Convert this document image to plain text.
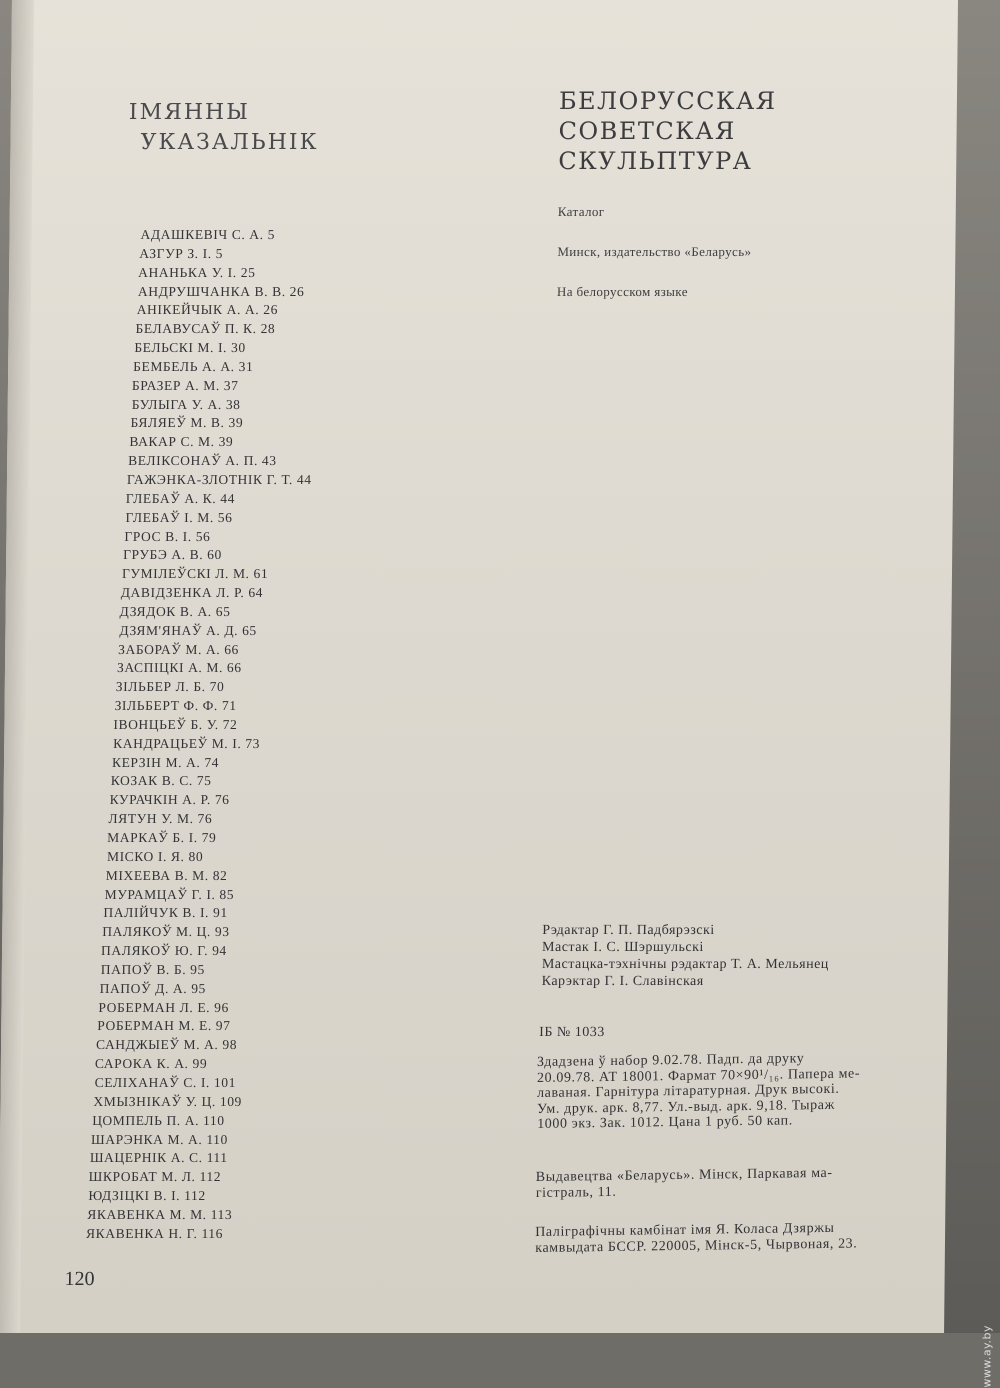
ІМЯННЫ
УКАЗАЛЬНІК
АДАШКЕВІЧ С. А. 5
АЗГУР З. І. 5
АНАНЬКА У. І. 25
АНДРУШЧАНКА В. В. 26
АНІКЕЙЧЫК А. А. 26
БЕЛАВУСАЎ П. К. 28
БЕЛЬСКІ М. І. 30
БЕМБЕЛЬ А. А. 31
БРАЗЕР А. М. 37
БУЛЫГА У. А. 38
БЯЛЯЕЎ М. В. 39
ВАКАР С. М. 39
ВЕЛІКСОНАЎ А. П. 43
ГАЖЭНКА-ЗЛОТНІК Г. Т. 44
ГЛЕБАЎ А. К. 44
ГЛЕБАЎ І. М. 56
ГРОС В. І. 56
ГРУБЭ А. В. 60
ГУМІЛЕЎСКІ Л. М. 61
ДАВІДЗЕНКА Л. Р. 64
ДЗЯДОК В. А. 65
ДЗЯМ'ЯНАЎ А. Д. 65
ЗАБОРАЎ М. А. 66
ЗАСПІЦКІ А. М. 66
ЗІЛЬБЕР Л. Б. 70
ЗІЛЬБЕРТ Ф. Ф. 71
ІВОНЦЬЕЎ Б. У. 72
КАНДРАЦЬЕЎ М. І. 73
КЕРЗІН М. А. 74
КОЗАК В. С. 75
КУРАЧКІН А. Р. 76
ЛЯТУН У. М. 76
МАРКАЎ Б. І. 79
МІСКО І. Я. 80
МІХЕЕВА В. М. 82
МУРАМЦАЎ Г. І. 85
ПАЛІЙЧУК В. І. 91
ПАЛЯКОЎ М. Ц. 93
ПАЛЯКОЎ Ю. Г. 94
ПАПОЎ В. Б. 95
ПАПОЎ Д. А. 95
РОБЕРМАН Л. Е. 96
РОБЕРМАН М. Е. 97
САНДЖЫЕЎ М. А. 98
САРОКА К. А. 99
СЕЛІХАНАЎ С. І. 101
ХМЫЗНІКАЎ У. Ц. 109
ЦОМПЕЛЬ П. А. 110
ШАРЭНКА М. А. 110
ШАЦЕРНІК А. С. 111
ШКРОБАТ М. Л. 112
ЮДЗІЦКІ В. І. 112
ЯКАВЕНКА М. М. 113
ЯКАВЕНКА Н. Г. 116
120
БЕЛОРУССКАЯ
СОВЕТСКАЯ
СКУЛЬПТУРА
Каталог
Минск, издательство «Беларусь»
На белорусском языке
Рэдактар Г. П. Падбярэзскі
Мастак І. С. Шэршульскі
Мастацка-тэхнічны рэдактар Т. А. Мельянец
Карэктар Г. І. Славінская
ІБ № 1033
Здадзена ў набор 9.02.78. Падп. да друку
20.09.78. АТ 18001. Фармат 70×90¹/₁₆. Папера ме-
лаваная. Гарнітура літаратурная. Друк высокі.
Ум. друк. арк. 8,77. Ул.-выд. арк. 9,18. Тыраж
1000 экз. Зак. 1012. Цана 1 руб. 50 кап.
Выдавецтва «Беларусь». Мінск, Паркавая ма-
гістраль, 11.
Паліграфічны камбінат імя Я. Коласа Дзяржы
камвыдата БССР. 220005, Мінск-5, Чырвоная, 23.
www.ay.by
